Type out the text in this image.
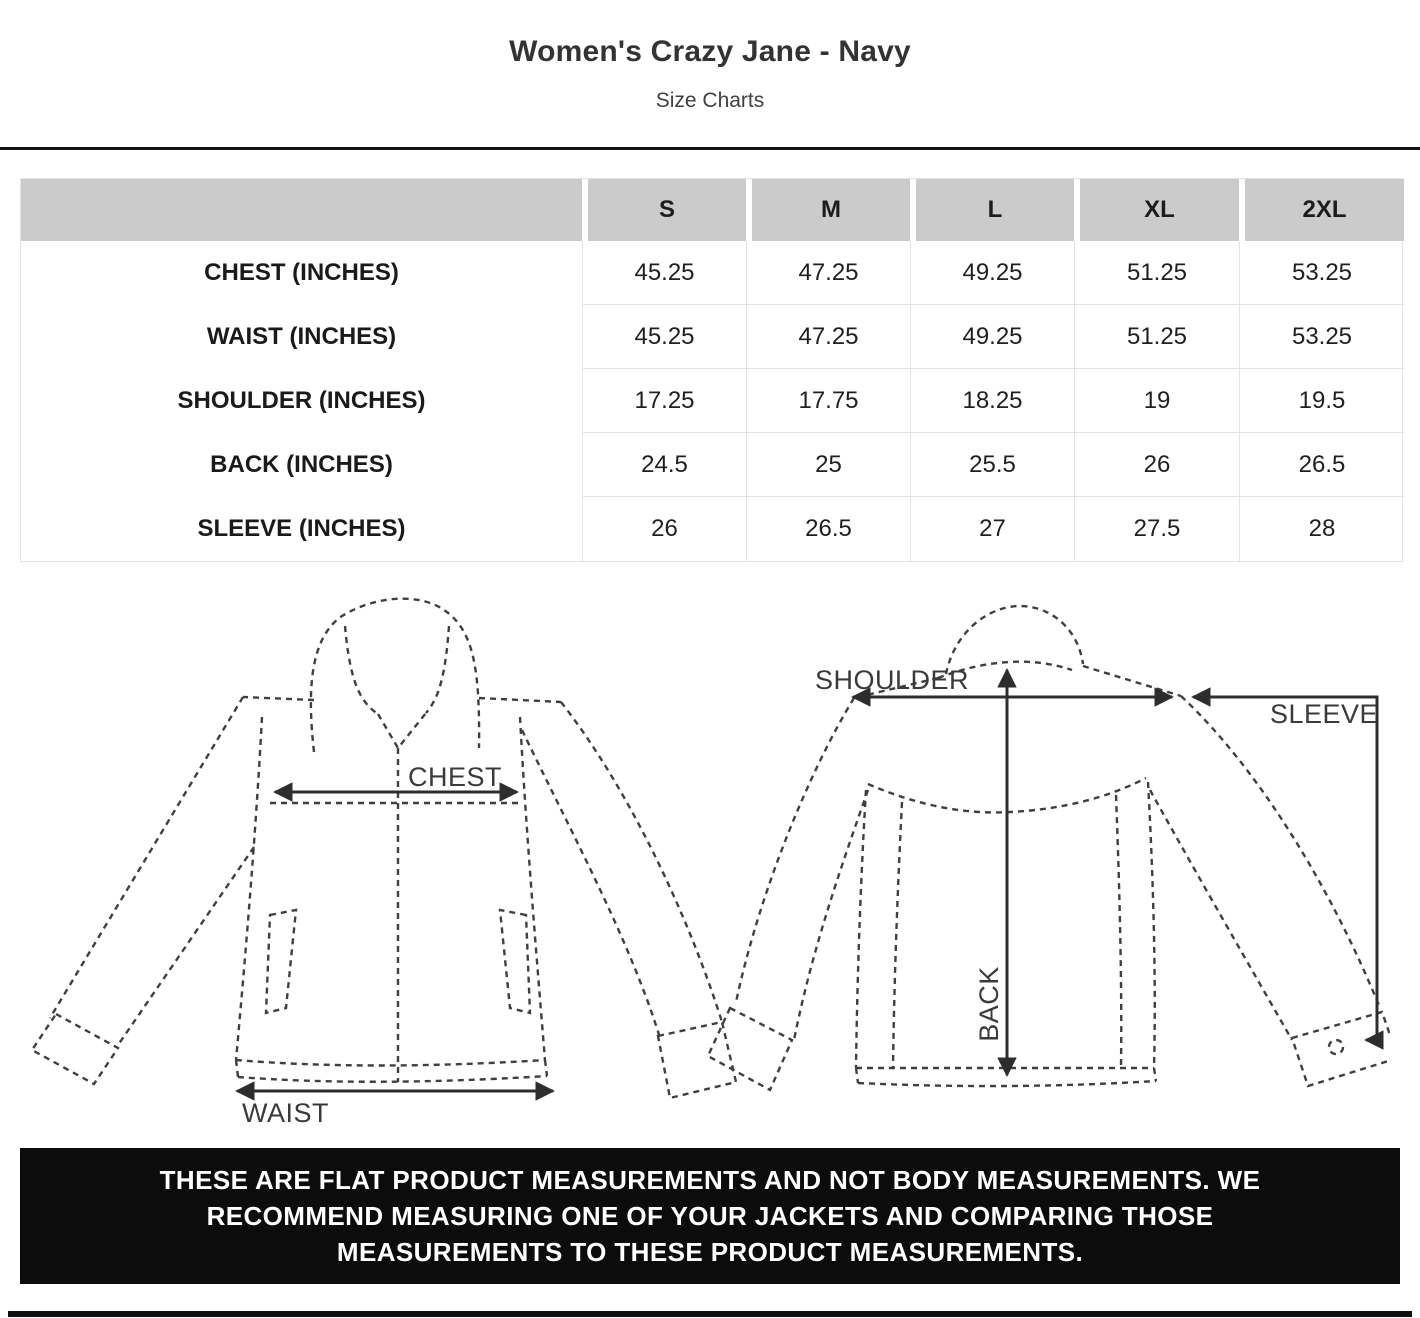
Women's Crazy Jane - Navy
Size Charts
S	M	L	XL	2XL
CHEST (INCHES)	45.25	47.25	49.25	51.25	53.25
WAIST (INCHES)	45.25	47.25	49.25	51.25	53.25
SHOULDER (INCHES)	17.25	17.75	18.25	19	19.5
BACK (INCHES)	24.5	25	25.5	26	26.5
SLEEVE (INCHES)	26	26.5	27	27.5	28
CHEST
WAIST
SHOULDER
SLEEVE
BACK
THESE ARE FLAT PRODUCT MEASUREMENTS AND NOT BODY MEASUREMENTS. WE
RECOMMEND MEASURING ONE OF YOUR JACKETS AND COMPARING THOSE
MEASUREMENTS TO THESE PRODUCT MEASUREMENTS.
